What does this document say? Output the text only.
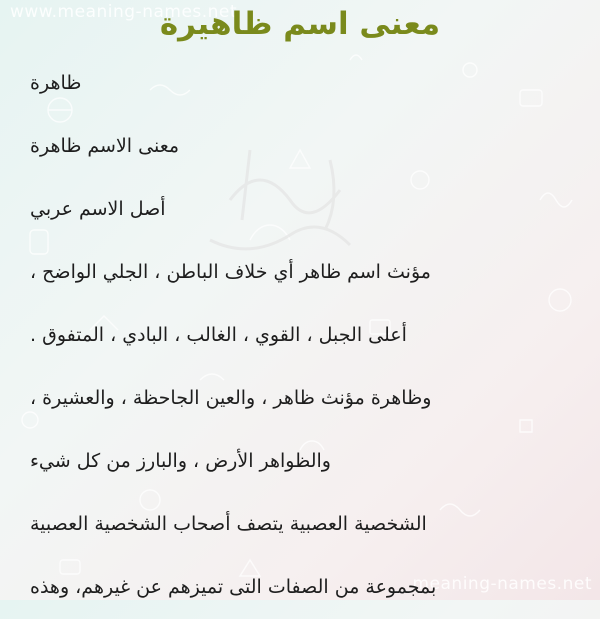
www.meaning-names.net
meaning-names.net
معنى اسم ظاهيرة
ظاهرة
معنى الاسم ظاهرة
أصل الاسم عربي
مؤنث اسم ظاهر أي خلاف الباطن ، الجلي الواضح ،
أعلى الجبل ، القوي ، الغالب ، البادي ، المتفوق .
وظاهرة مؤنث ظاهر ، والعين الجاحظة ، والعشيرة ،
والظواهر الأرض ، والبارز من كل شيء
الشخصية العصبية يتصف أصحاب الشخصية العصبية
بمجموعة من الصفات التى تميزهم عن غيرهم، وهذه
